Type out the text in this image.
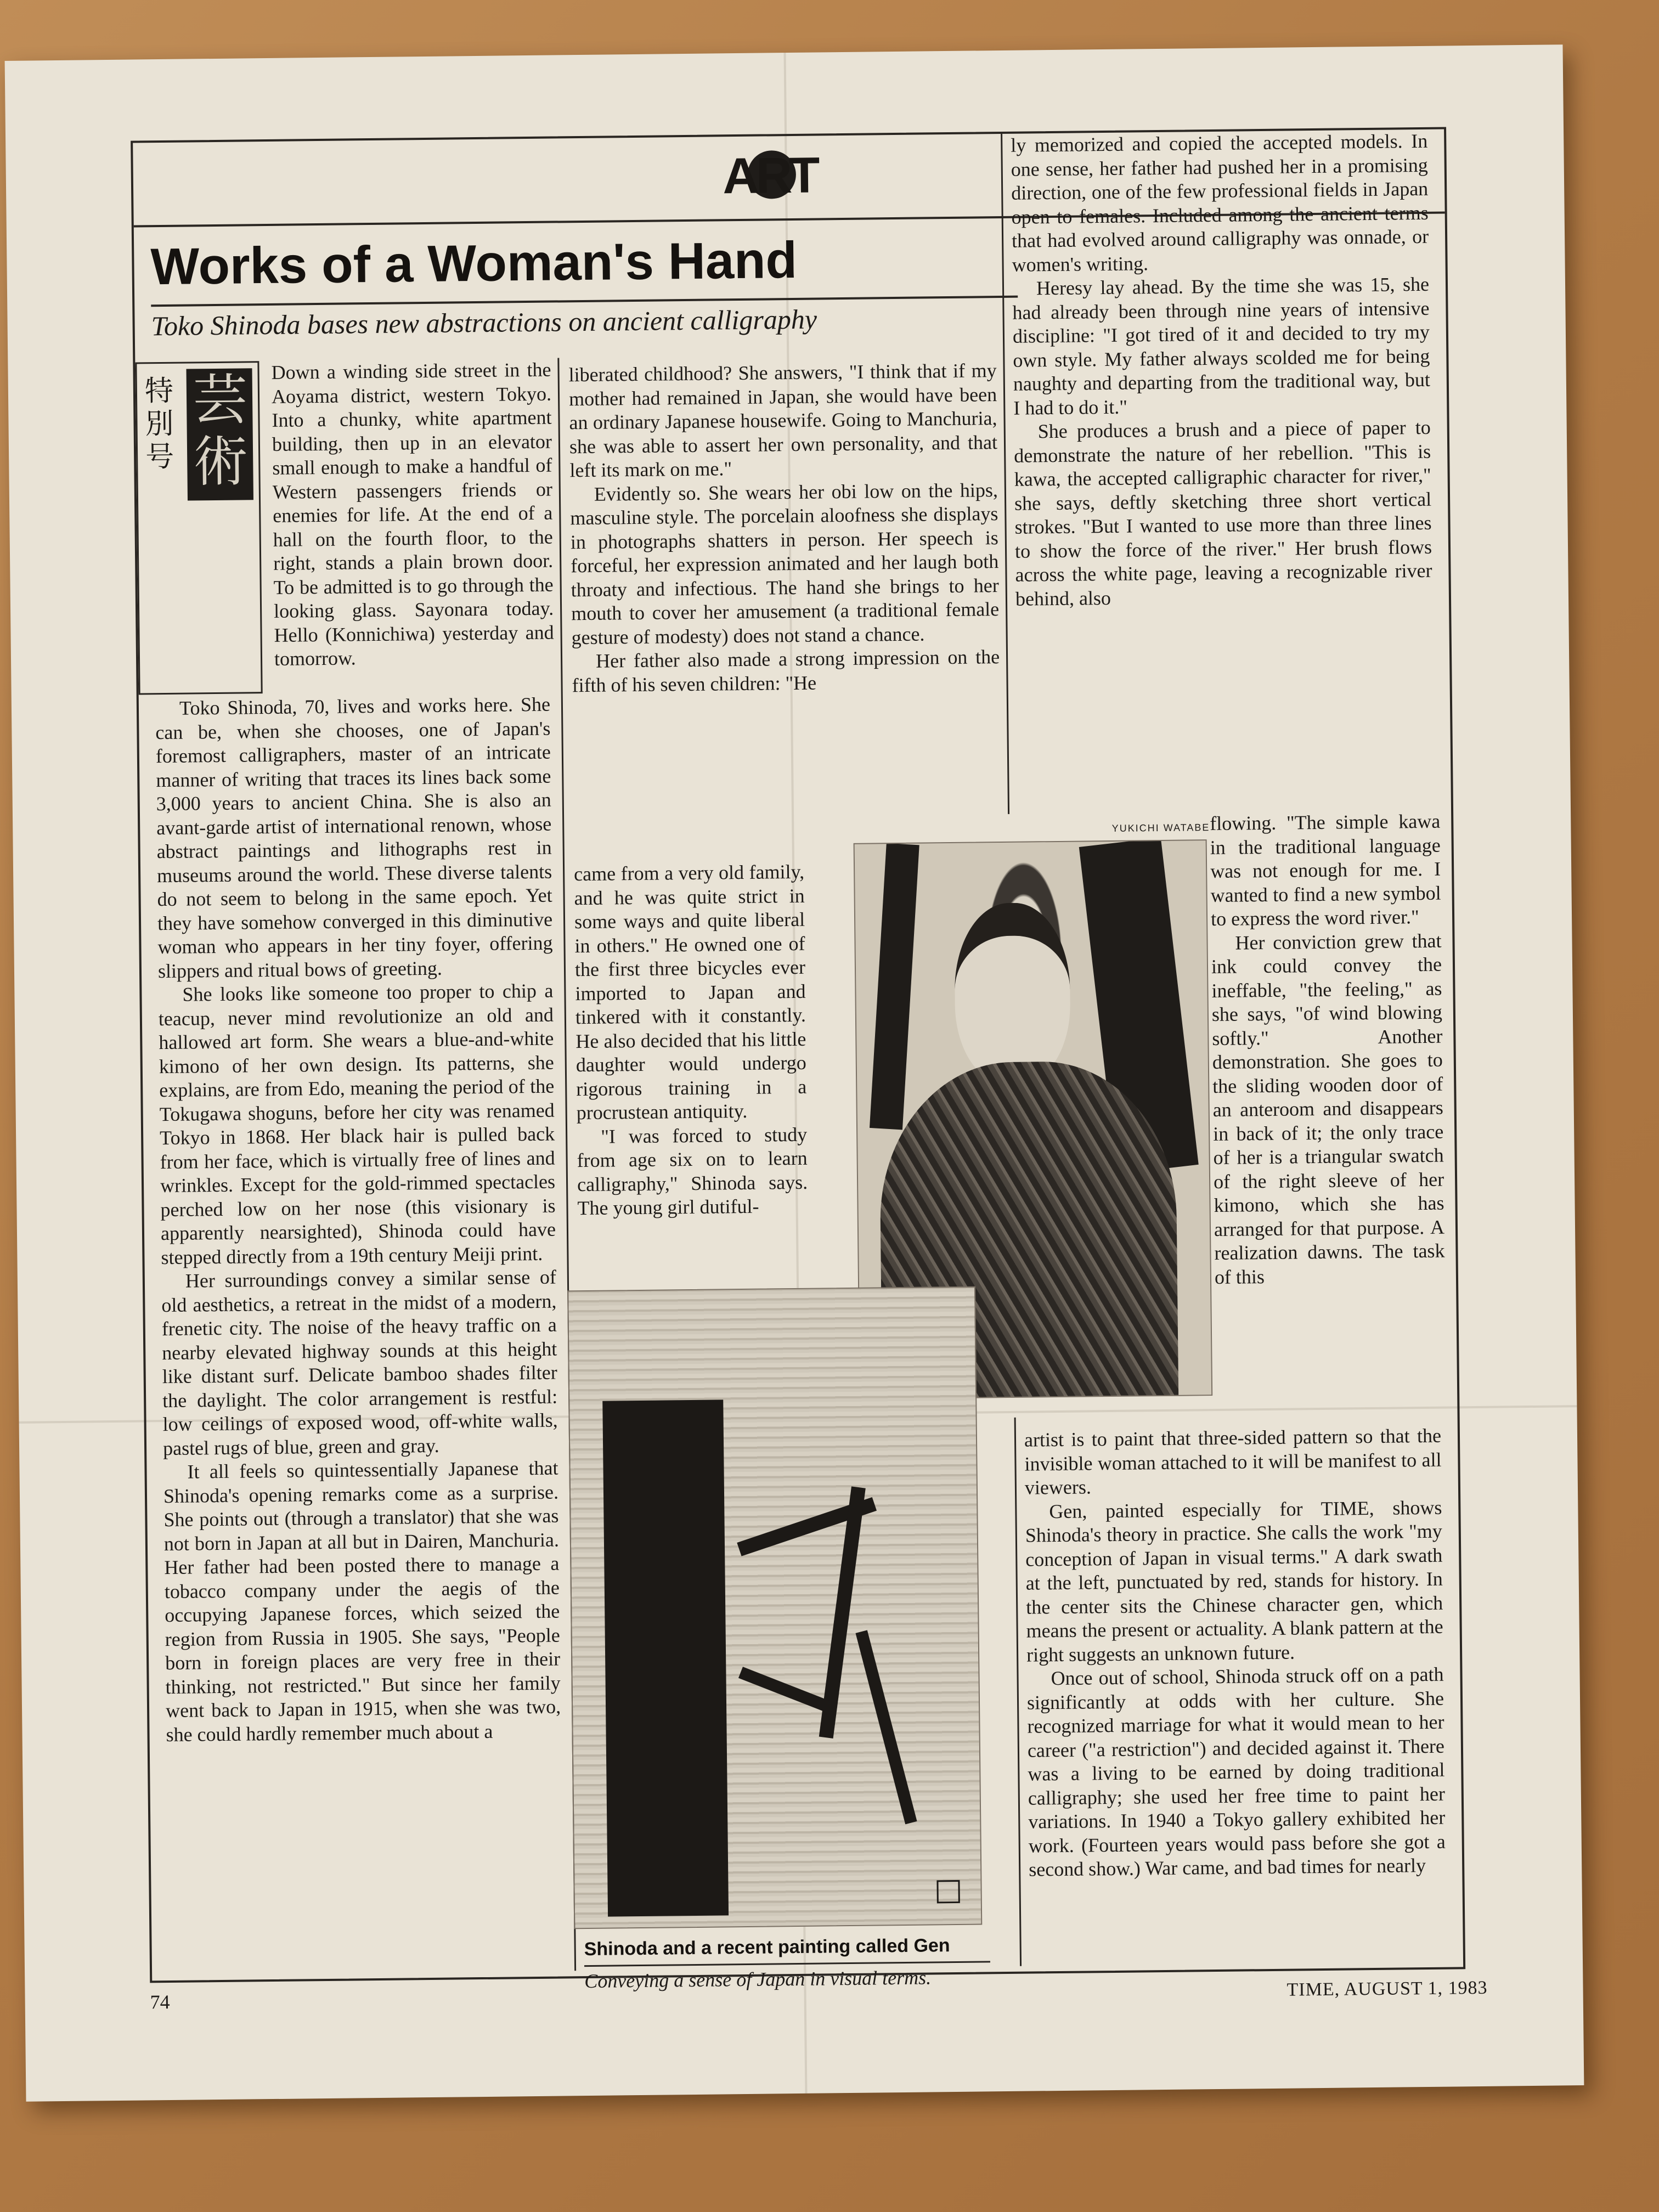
ART
Works of a Woman's Hand
Toko Shinoda bases new abstractions on ancient calligraphy
特別号
芸術

Down a winding side street in the Aoyama district, western Tokyo. Into a chunky, white apartment building, then up in an elevator small enough to make a handful of Western passengers friends or enemies for life. At the end of a hall on the fourth floor, to the right, stands a plain brown door. To be admitted is to go through the looking glass. Sayonara today. Hello (Konnichiwa) yesterday and tomorrow.

Toko Shinoda, 70, lives and works here. She can be, when she chooses, one of Japan's foremost calligraphers, master of an intricate manner of writing that traces its lines back some 3,000 years to ancient China. She is also an avant-garde artist of international renown, whose abstract paintings and lithographs rest in museums around the world. These diverse talents do not seem to belong in the same epoch. Yet they have somehow converged in this diminutive woman who appears in her tiny foyer, offering slippers and ritual bows of greeting.

She looks like someone too proper to chip a teacup, never mind revolutionize an old and hallowed art form. She wears a blue-and-white kimono of her own design. Its patterns, she explains, are from Edo, meaning the period of the Tokugawa shoguns, before her city was renamed Tokyo in 1868. Her black hair is pulled back from her face, which is virtually free of lines and wrinkles. Except for the gold-rimmed spectacles perched low on her nose (this visionary is apparently nearsighted), Shinoda could have stepped directly from a 19th century Meiji print.

Her surroundings convey a similar sense of old aesthetics, a retreat in the midst of a modern, frenetic city. The noise of the heavy traffic on a nearby elevated highway sounds at this height like distant surf. Delicate bamboo shades filter the daylight. The color arrangement is restful: low ceilings of exposed wood, off-white walls, pastel rugs of blue, green and gray.

It all feels so quintessentially Japanese that Shinoda's opening remarks come as a surprise. She points out (through a translator) that she was not born in Japan at all but in Dairen, Manchuria. Her father had been posted there to manage a tobacco company under the aegis of the occupying Japanese forces, which seized the region from Russia in 1905. She says, "People born in foreign places are very free in their thinking, not restricted." But since her family went back to Japan in 1915, when she was two, she could hardly remember much about a

liberated childhood? She answers, "I think that if my mother had remained in Japan, she would have been an ordinary Japanese housewife. Going to Manchuria, she was able to assert her own personality, and that left its mark on me."

Evidently so. She wears her obi low on the hips, masculine style. The porcelain aloofness she displays in photographs shatters in person. Her speech is forceful, her expression animated and her laugh both throaty and infectious. The hand she brings to her mouth to cover her amusement (a traditional female gesture of modesty) does not stand a chance.

Her father also made a strong impression on the fifth of his seven children: "He

came from a very old family, and he was quite strict in some ways and quite liberal in others." He owned one of the first three bicycles ever imported to Japan and tinkered with it constantly. He also decided that his little daughter would undergo rigorous training in a procrustean antiquity.

"I was forced to study from age six on to learn calligraphy," Shinoda says. The young girl dutiful-

ly memorized and copied the accepted models. In one sense, her father had pushed her in a promising direction, one of the few professional fields in Japan open to females. Included among the ancient terms that had evolved around calligraphy was onnade, or women's writing.

Heresy lay ahead. By the time she was 15, she had already been through nine years of intensive discipline: "I got tired of it and decided to try my own style. My father always scolded me for being naughty and departing from the traditional way, but I had to do it."

She produces a brush and a piece of paper to demonstrate the nature of her rebellion. "This is kawa, the accepted calligraphic character for river," she says, deftly sketching three short vertical strokes. "But I wanted to use more than three lines to show the force of the river." Her brush flows across the white page, leaving a recognizable river behind, also

YUKICHI WATABE flowing. "The simple kawa in the traditional language was not enough for me. I wanted to find a new symbol to express the word river."

Her conviction grew that ink could convey the ineffable, "the feeling," as she says, "of wind blowing softly." Another demonstration. She goes to the sliding wooden door of an anteroom and disappears in back of it; the only trace of her is a triangular swatch of the right sleeve of her kimono, which she has arranged for that purpose. A realization dawns. The task of this

artist is to paint that three-sided pattern so that the invisible woman attached to it will be manifest to all viewers.

Gen, painted especially for TIME, shows Shinoda's theory in practice. She calls the work "my conception of Japan in visual terms." A dark swath at the left, punctuated by red, stands for history. In the center sits the Chinese character gen, which means the present or actuality. A blank pattern at the right suggests an unknown future.

Once out of school, Shinoda struck off on a path significantly at odds with her culture. She recognized marriage for what it would mean to her career ("a restriction") and decided against it. There was a living to be earned by doing traditional calligraphy; she used her free time to paint her variations. In 1940 a Tokyo gallery exhibited her work. (Fourteen years would pass before she got a second show.) War came, and bad times for nearly

Shinoda and a recent painting called Gen
Conveying a sense of Japan in visual terms.
74
TIME, AUGUST 1, 1983
